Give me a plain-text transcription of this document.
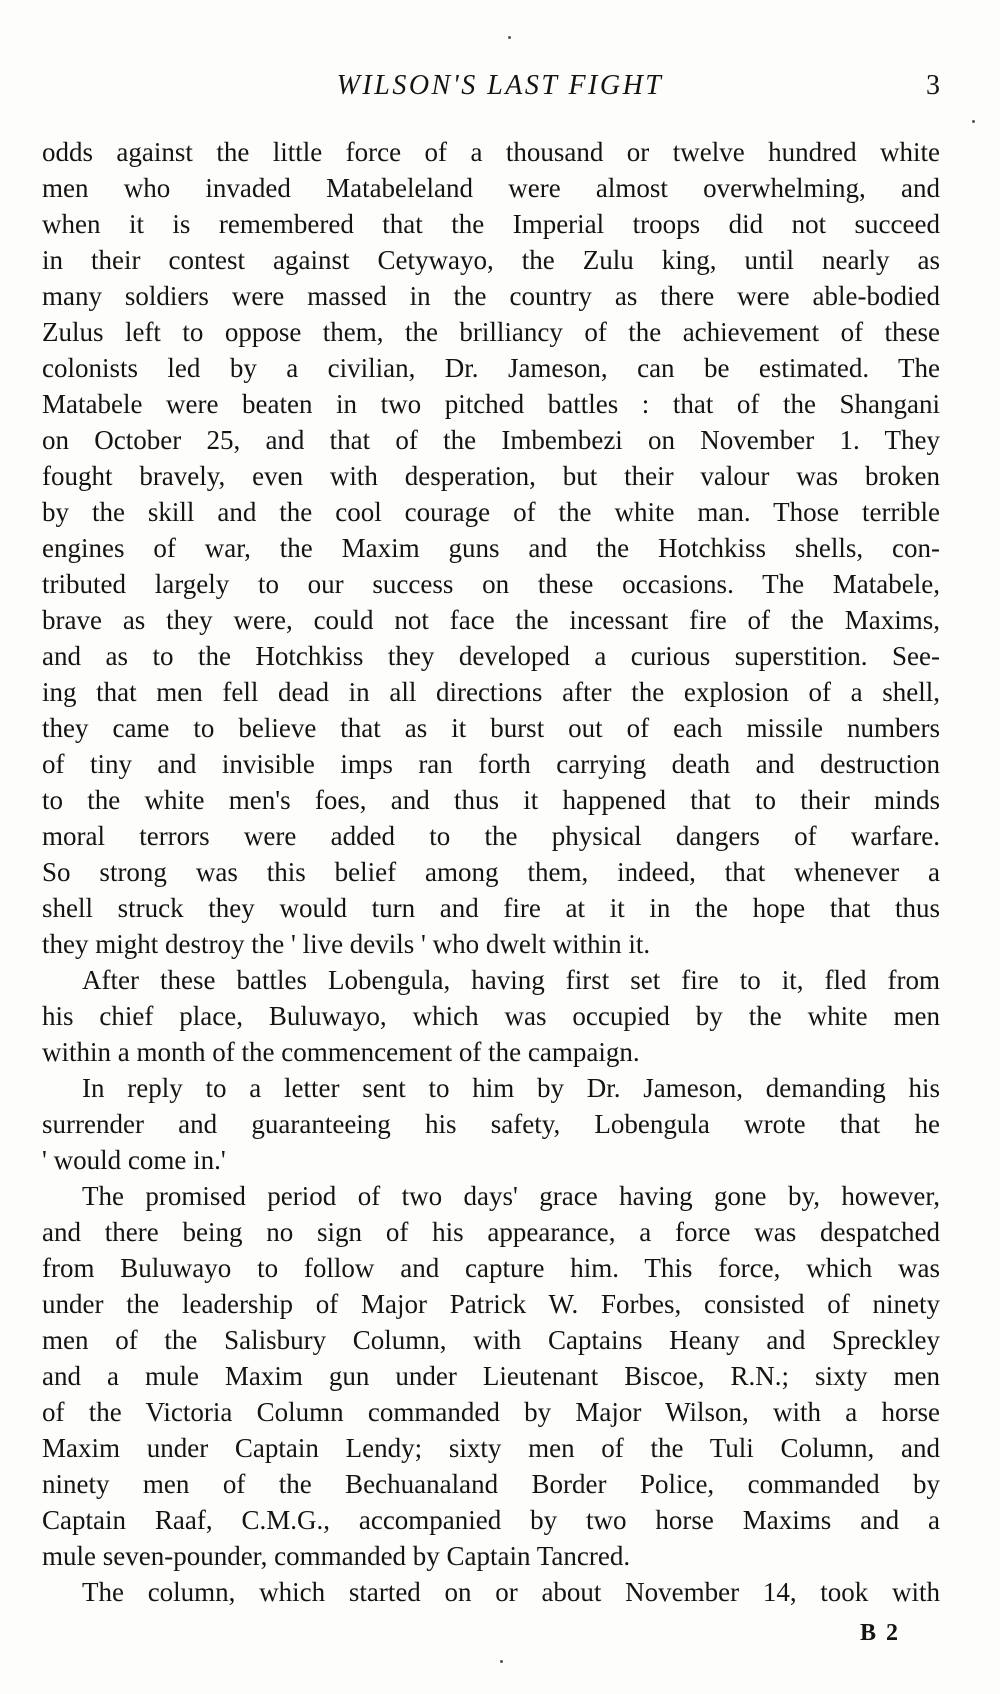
WILSON'S LAST FIGHT	3
odds against the little force of a thousand or twelve hundred white
men who invaded Matabeleland were almost overwhelming, and
when it is remembered that the Imperial troops did not succeed
in their contest against Cetywayo, the Zulu king, until nearly as
many soldiers were massed in the country as there were able-bodied
Zulus left to oppose them, the brilliancy of the achievement of these
colonists led by a civilian, Dr. Jameson, can be estimated. The
Matabele were beaten in two pitched battles : that of the Shangani
on October 25, and that of the Imbembezi on November 1. They
fought bravely, even with desperation, but their valour was broken
by the skill and the cool courage of the white man. Those terrible
engines of war, the Maxim guns and the Hotchkiss shells, con-
tributed largely to our success on these occasions. The Matabele,
brave as they were, could not face the incessant fire of the Maxims,
and as to the Hotchkiss they developed a curious superstition. See-
ing that men fell dead in all directions after the explosion of a shell,
they came to believe that as it burst out of each missile numbers
of tiny and invisible imps ran forth carrying death and destruction
to the white men's foes, and thus it happened that to their minds
moral terrors were added to the physical dangers of warfare.
So strong was this belief among them, indeed, that whenever a
shell struck they would turn and fire at it in the hope that thus
they might destroy the ' live devils ' who dwelt within it.
After these battles Lobengula, having first set fire to it, fled from
his chief place, Buluwayo, which was occupied by the white men
within a month of the commencement of the campaign.
In reply to a letter sent to him by Dr. Jameson, demanding his
surrender and guaranteeing his safety, Lobengula wrote that he
' would come in.'
The promised period of two days' grace having gone by, however,
and there being no sign of his appearance, a force was despatched
from Buluwayo to follow and capture him. This force, which was
under the leadership of Major Patrick W. Forbes, consisted of ninety
men of the Salisbury Column, with Captains Heany and Spreckley
and a mule Maxim gun under Lieutenant Biscoe, R.N.; sixty men
of the Victoria Column commanded by Major Wilson, with a horse
Maxim under Captain Lendy; sixty men of the Tuli Column, and
ninety men of the Bechuanaland Border Police, commanded by
Captain Raaf, C.M.G., accompanied by two horse Maxims and a
mule seven-pounder, commanded by Captain Tancred.
The column, which started on or about November 14, took with
B 2
